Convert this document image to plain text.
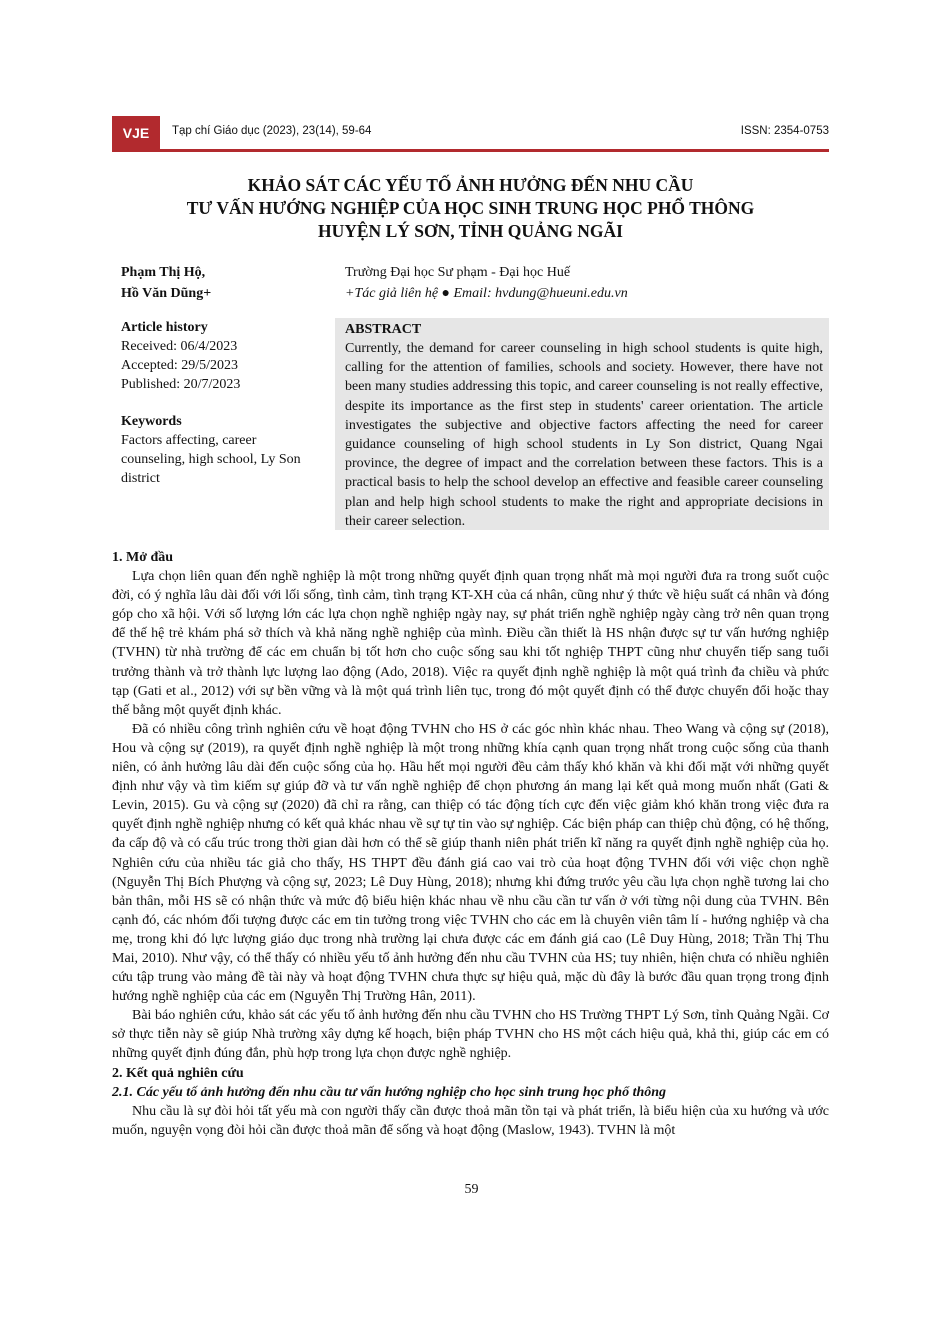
VJE	Tạp chí Giáo dục (2023), 23(14), 59-64	ISSN: 2354-0753
KHẢO SÁT CÁC YẾU TỐ ẢNH HƯỞNG ĐẾN NHU CẦU
TƯ VẤN HƯỚNG NGHIỆP CỦA HỌC SINH TRUNG HỌC PHỔ THÔNG
HUYỆN LÝ SƠN, TỈNH QUẢNG NGÃI
Phạm Thị Hộ,
Hồ Văn Dũng+
Trường Đại học Sư phạm - Đại học Huế
+Tác giả liên hệ ● Email: hvdung@hueuni.edu.vn
Article history
Received: 06/4/2023
Accepted: 29/5/2023
Published: 20/7/2023
Keywords
Factors affecting, career counseling, high school, Ly Son district
ABSTRACT
Currently, the demand for career counseling in high school students is quite high, calling for the attention of families, schools and society. However, there have not been many studies addressing this topic, and career counseling is not really effective, despite its importance as the first step in students' career orientation. The article investigates the subjective and objective factors affecting the need for career guidance counseling of high school students in Ly Son district, Quang Ngai province, the degree of impact and the correlation between these factors. This is a practical basis to help the school develop an effective and feasible career counseling plan and help high school students to make the right and appropriate decisions in their career selection.
1. Mở đầu

Lựa chọn liên quan đến nghề nghiệp là một trong những quyết định quan trọng nhất mà mọi người đưa ra trong suốt cuộc đời, có ý nghĩa lâu dài đối với lối sống, tình cảm, tình trạng KT-XH của cá nhân, cũng như ý thức về hiệu suất cá nhân và đóng góp cho xã hội. Với số lượng lớn các lựa chọn nghề nghiệp ngày nay, sự phát triển nghề nghiệp ngày càng trở nên quan trọng để thế hệ trẻ khám phá sở thích và khả năng nghề nghiệp của mình. Điều cần thiết là HS nhận được sự tư vấn hướng nghiệp (TVHN) từ nhà trường để các em chuẩn bị tốt hơn cho cuộc sống sau khi tốt nghiệp THPT cũng như chuyển tiếp sang tuổi trưởng thành và trở thành lực lượng lao động (Ado, 2018). Việc ra quyết định nghề nghiệp là một quá trình đa chiều và phức tạp (Gati et al., 2012) với sự bền vững và là một quá trình liên tục, trong đó một quyết định có thể được chuyển đổi hoặc thay thế bằng một quyết định khác.

Đã có nhiều công trình nghiên cứu về hoạt động TVHN cho HS ở các góc nhìn khác nhau. Theo Wang và cộng sự (2018), Hou và cộng sự (2019), ra quyết định nghề nghiệp là một trong những khía cạnh quan trọng nhất trong cuộc sống của thanh niên, có ảnh hưởng lâu dài đến cuộc sống của họ. Hầu hết mọi người đều cảm thấy khó khăn và khi đối mặt với những quyết định như vậy và tìm kiếm sự giúp đỡ và tư vấn nghề nghiệp để chọn phương án mang lại kết quả mong muốn nhất (Gati & Levin, 2015). Gu và cộng sự (2020) đã chỉ ra rằng, can thiệp có tác động tích cực đến việc giảm khó khăn trong việc đưa ra quyết định nghề nghiệp nhưng có kết quả khác nhau về sự tự tin vào sự nghiệp. Các biện pháp can thiệp chủ động, có hệ thống, đa cấp độ và có cấu trúc trong thời gian dài hơn có thể sẽ giúp thanh niên phát triển kĩ năng ra quyết định nghề nghiệp của họ. Nghiên cứu của nhiều tác giả cho thấy, HS THPT đều đánh giá cao vai trò của hoạt động TVHN đối với việc chọn nghề (Nguyễn Thị Bích Phượng và cộng sự, 2023; Lê Duy Hùng, 2018); nhưng khi đứng trước yêu cầu lựa chọn nghề tương lai cho bản thân, mỗi HS sẽ có nhận thức và mức độ biểu hiện khác nhau về nhu cầu cần tư vấn ở với từng nội dung của TVHN. Bên cạnh đó, các nhóm đối tượng được các em tin tưởng trong việc TVHN cho các em là chuyên viên tâm lí - hướng nghiệp và cha mẹ, trong khi đó lực lượng giáo dục trong nhà trường lại chưa được các em đánh giá cao (Lê Duy Hùng, 2018; Trần Thị Thu Mai, 2010). Như vậy, có thể thấy có nhiều yếu tố ảnh hưởng đến nhu cầu TVHN của HS; tuy nhiên, hiện chưa có nhiều nghiên cứu tập trung vào mảng đề tài này và hoạt động TVHN chưa thực sự hiệu quả, mặc dù đây là bước đầu quan trọng trong định hướng nghề nghiệp của các em (Nguyễn Thị Trường Hân, 2011).

Bài báo nghiên cứu, khảo sát các yếu tố ảnh hưởng đến nhu cầu TVHN cho HS Trường THPT Lý Sơn, tỉnh Quảng Ngãi. Cơ sở thực tiễn này sẽ giúp Nhà trường xây dựng kế hoạch, biện pháp TVHN cho HS một cách hiệu quả, khả thi, giúp các em có những quyết định đúng đắn, phù hợp trong lựa chọn được nghề nghiệp.

2. Kết quả nghiên cứu
2.1. Các yếu tố ảnh hưởng đến nhu cầu tư vấn hướng nghiệp cho học sinh trung học phổ thông

Nhu cầu là sự đòi hỏi tất yếu mà con người thấy cần được thoả mãn tồn tại và phát triển, là biểu hiện của xu hướng và ước muốn, nguyện vọng đòi hỏi cần được thoả mãn để sống và hoạt động (Maslow, 1943). TVHN là một

59
